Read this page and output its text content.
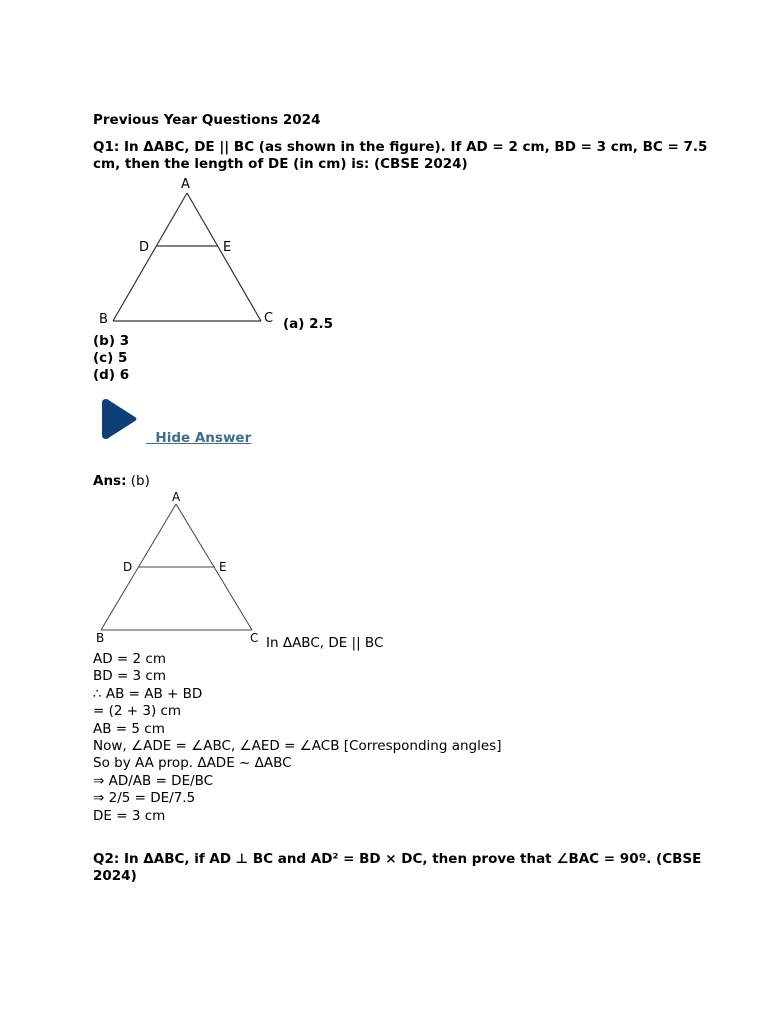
Previous Year Questions 2024
Q1: In ΔABC, DE || BC (as shown in the figure). If AD = 2 cm, BD = 3 cm, BC = 7.5 cm, then the length of DE (in cm) is: (CBSE 2024)
A
D	E
B	C (a) 2.5
(b) 3
(c) 5
(d) 6
Hide Answer
Ans: (b)
A
D	E
B	C In ΔABC, DE || BC
AD = 2 cm
BD = 3 cm
∴ AB = AB + BD
= (2 + 3) cm
AB = 5 cm
Now, ∠ADE = ∠ABC, ∠AED = ∠ACB [Corresponding angles]
So by AA prop. ΔADE ~ ΔABC
⇒ AD/AB = DE/BC
⇒ 2/5 = DE/7.5
DE = 3 cm
Q2: In ΔABC, if AD ⊥ BC and AD² = BD × DC, then prove that ∠BAC = 90º. (CBSE 2024)
